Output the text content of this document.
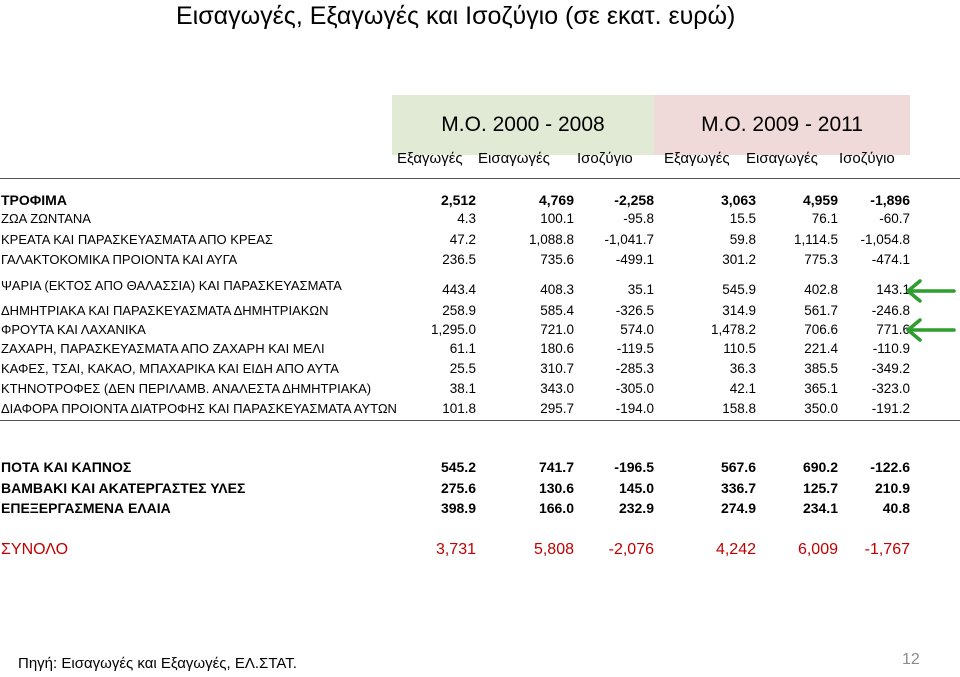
Εισαγωγές, Εξαγωγές και Ισοζύγιο (σε εκατ. ευρώ)
Μ.Ο. 2000 - 2008	Μ.Ο. 2009 - 2011
Εξαγωγές Εισαγωγές Ισοζύγιο Εξαγωγές Εισαγωγές Ισοζύγιο
ΤΡΟΦΙΜΑ	2,512	4,769	-2,258	3,063	4,959 -1,896
ΖΩΑ ΖΩΝΤΑΝΑ	4.3	100.1	-95.8	15.5	76.1	-60.7
ΚΡΕΑΤΑ ΚΑΙ ΠΑΡΑΣΚΕΥΑΣΜΑΤΑ ΑΠΟ ΚΡΕΑΣ	47.2	1,088.8 -1,041.7	59.8	1,114.5 -1,054.8
ΓΑΛΑΚΤΟΚΟΜΙΚΑ ΠΡΟΙΟΝΤΑ ΚΑΙ ΑΥΓΑ	236.5	735.6	-499.1	301.2	775.3 -474.1
ΨΑΡΙΑ (ΕΚΤΟΣ ΑΠΟ ΘΑΛΑΣΣΙΑ) ΚΑΙ ΠΑΡΑΣΚΕΥΑΣΜΑΤΑ	443.4	408.3	35.1	545.9	402.8	143.1
ΔΗΜΗΤΡΙΑΚΑ ΚΑΙ ΠΑΡΑΣΚΕΥΑΣΜΑΤΑ ΔΗΜΗΤΡΙΑΚΩΝ	258.9	585.4	-326.5	314.9	561.7 -246.8
ΦΡΟΥΤΑ ΚΑΙ ΛΑΧΑΝΙΚΑ	1,295.0	721.0	574.0	1,478.2	706.6	771.6
ΖΑΧΑΡΗ, ΠΑΡΑΣΚΕΥΑΣΜΑΤΑ ΑΠΟ ΖΑΧΑΡΗ ΚΑΙ ΜΕΛΙ	61.1	180.6	-119.5	110.5	221.4	-110.9
ΚΑΦΕΣ, ΤΣΑΙ, ΚΑΚΑΟ, ΜΠΑΧΑΡΙΚΑ ΚΑΙ ΕΙΔΗ ΑΠΟ ΑΥΤΑ	25.5	310.7	-285.3	36.3	385.5 -349.2
ΚΤΗΝΟΤΡΟΦΕΣ (ΔΕΝ ΠΕΡΙΛΑΜΒ. ΑΝΑΛΕΣΤΑ ΔΗΜΗΤΡΙΑΚΑ)	38.1	343.0	-305.0	42.1	365.1 -323.0
ΔΙΑΦΟΡΑ ΠΡΟΙΟΝΤΑ ΔΙΑΤΡΟΦΗΣ ΚΑΙ ΠΑΡΑΣΚΕΥΑΣΜΑΤΑ ΑΥΤΩΝ	101.8	295.7	-194.0	158.8	350.0 -191.2
ΠΟΤΑ ΚΑΙ ΚΑΠΝΟΣ	545.2	741.7	-196.5	567.6	690.2 -122.6
ΒΑΜΒΑΚΙ ΚΑΙ ΑΚΑΤΕΡΓΑΣΤΕΣ ΥΛΕΣ	275.6	130.6	145.0	336.7	125.7	210.9
ΕΠΕΞΕΡΓΑΣΜΕΝΑ ΕΛΑΙΑ	398.9	166.0	232.9	274.9	234.1	40.8
ΣΥΝΟΛΟ	3,731	5,808 -2,076	4,242	6,009 -1,767
Πηγή: Εισαγωγές και Εξαγωγές, ΕΛ.ΣΤΑΤ.	12
